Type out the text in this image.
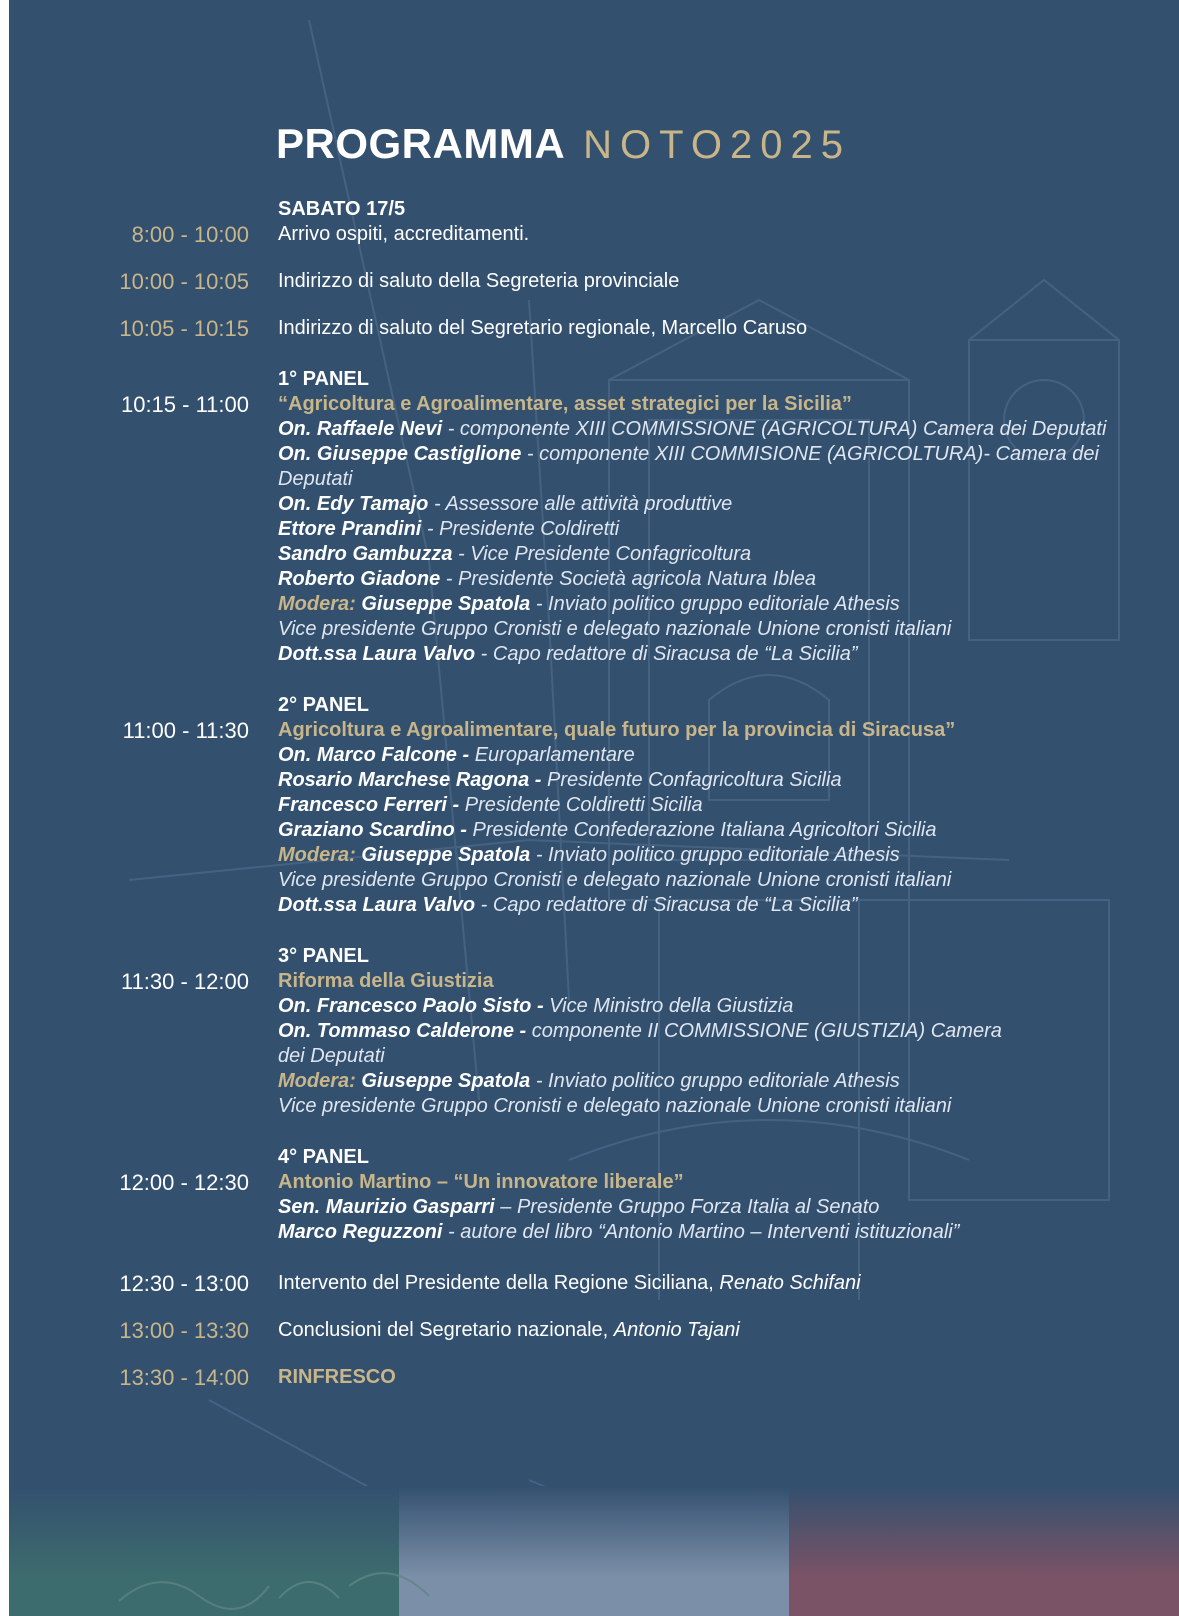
PROGRAMMA NOTO2025
SABATO 17/5
8:00 - 10:00 Arrivo ospiti, accreditamenti.
10:00 - 10:05 Indirizzo di saluto della Segreteria provinciale
10:05 - 10:15 Indirizzo di saluto del Segretario regionale, Marcello Caruso
10:15 - 11:00
1° PANEL
“Agricoltura e Agroalimentare, asset strategici per la Sicilia”
On. Raffaele Nevi - componente XIII COMMISSIONE (AGRICOLTURA) Camera dei Deputati
On. Giuseppe Castiglione - componente XIII COMMISIONE (AGRICOLTURA)- Camera dei Deputati
On. Edy Tamajo - Assessore alle attività produttive
Ettore Prandini - Presidente Coldiretti
Sandro Gambuzza - Vice Presidente Confagricoltura
Roberto Giadone - Presidente Società agricola Natura Iblea
Modera: Giuseppe Spatola - Inviato politico gruppo editoriale Athesis
Vice presidente Gruppo Cronisti e delegato nazionale Unione cronisti italiani
Dott.ssa Laura Valvo - Capo redattore di Siracusa de “La Sicilia”
11:00 - 11:30
2° PANEL
Agricoltura e Agroalimentare, quale futuro per la provincia di Siracusa”
On. Marco Falcone - Europarlamentare
Rosario Marchese Ragona - Presidente Confagricoltura Sicilia
Francesco Ferreri - Presidente Coldiretti Sicilia
Graziano Scardino - Presidente Confederazione Italiana Agricoltori Sicilia
Modera: Giuseppe Spatola - Inviato politico gruppo editoriale Athesis
Vice presidente Gruppo Cronisti e delegato nazionale Unione cronisti italiani
Dott.ssa Laura Valvo - Capo redattore di Siracusa de “La Sicilia”
11:30 - 12:00
3° PANEL
Riforma della Giustizia
On. Francesco Paolo Sisto - Vice Ministro della Giustizia
On. Tommaso Calderone - componente II COMMISSIONE (GIUSTIZIA) Camera dei Deputati
Modera: Giuseppe Spatola - Inviato politico gruppo editoriale Athesis
Vice presidente Gruppo Cronisti e delegato nazionale Unione cronisti italiani
12:00 - 12:30
4° PANEL
Antonio Martino – “Un innovatore liberale”
Sen. Maurizio Gasparri – Presidente Gruppo Forza Italia al Senato
Marco Reguzzoni - autore del libro “Antonio Martino – Interventi istituzionali”
12:30 - 13:00 Intervento del Presidente della Regione Siciliana, Renato Schifani
13:00 - 13:30 Conclusioni del Segretario nazionale, Antonio Tajani
13:30 - 14:00 RINFRESCO
